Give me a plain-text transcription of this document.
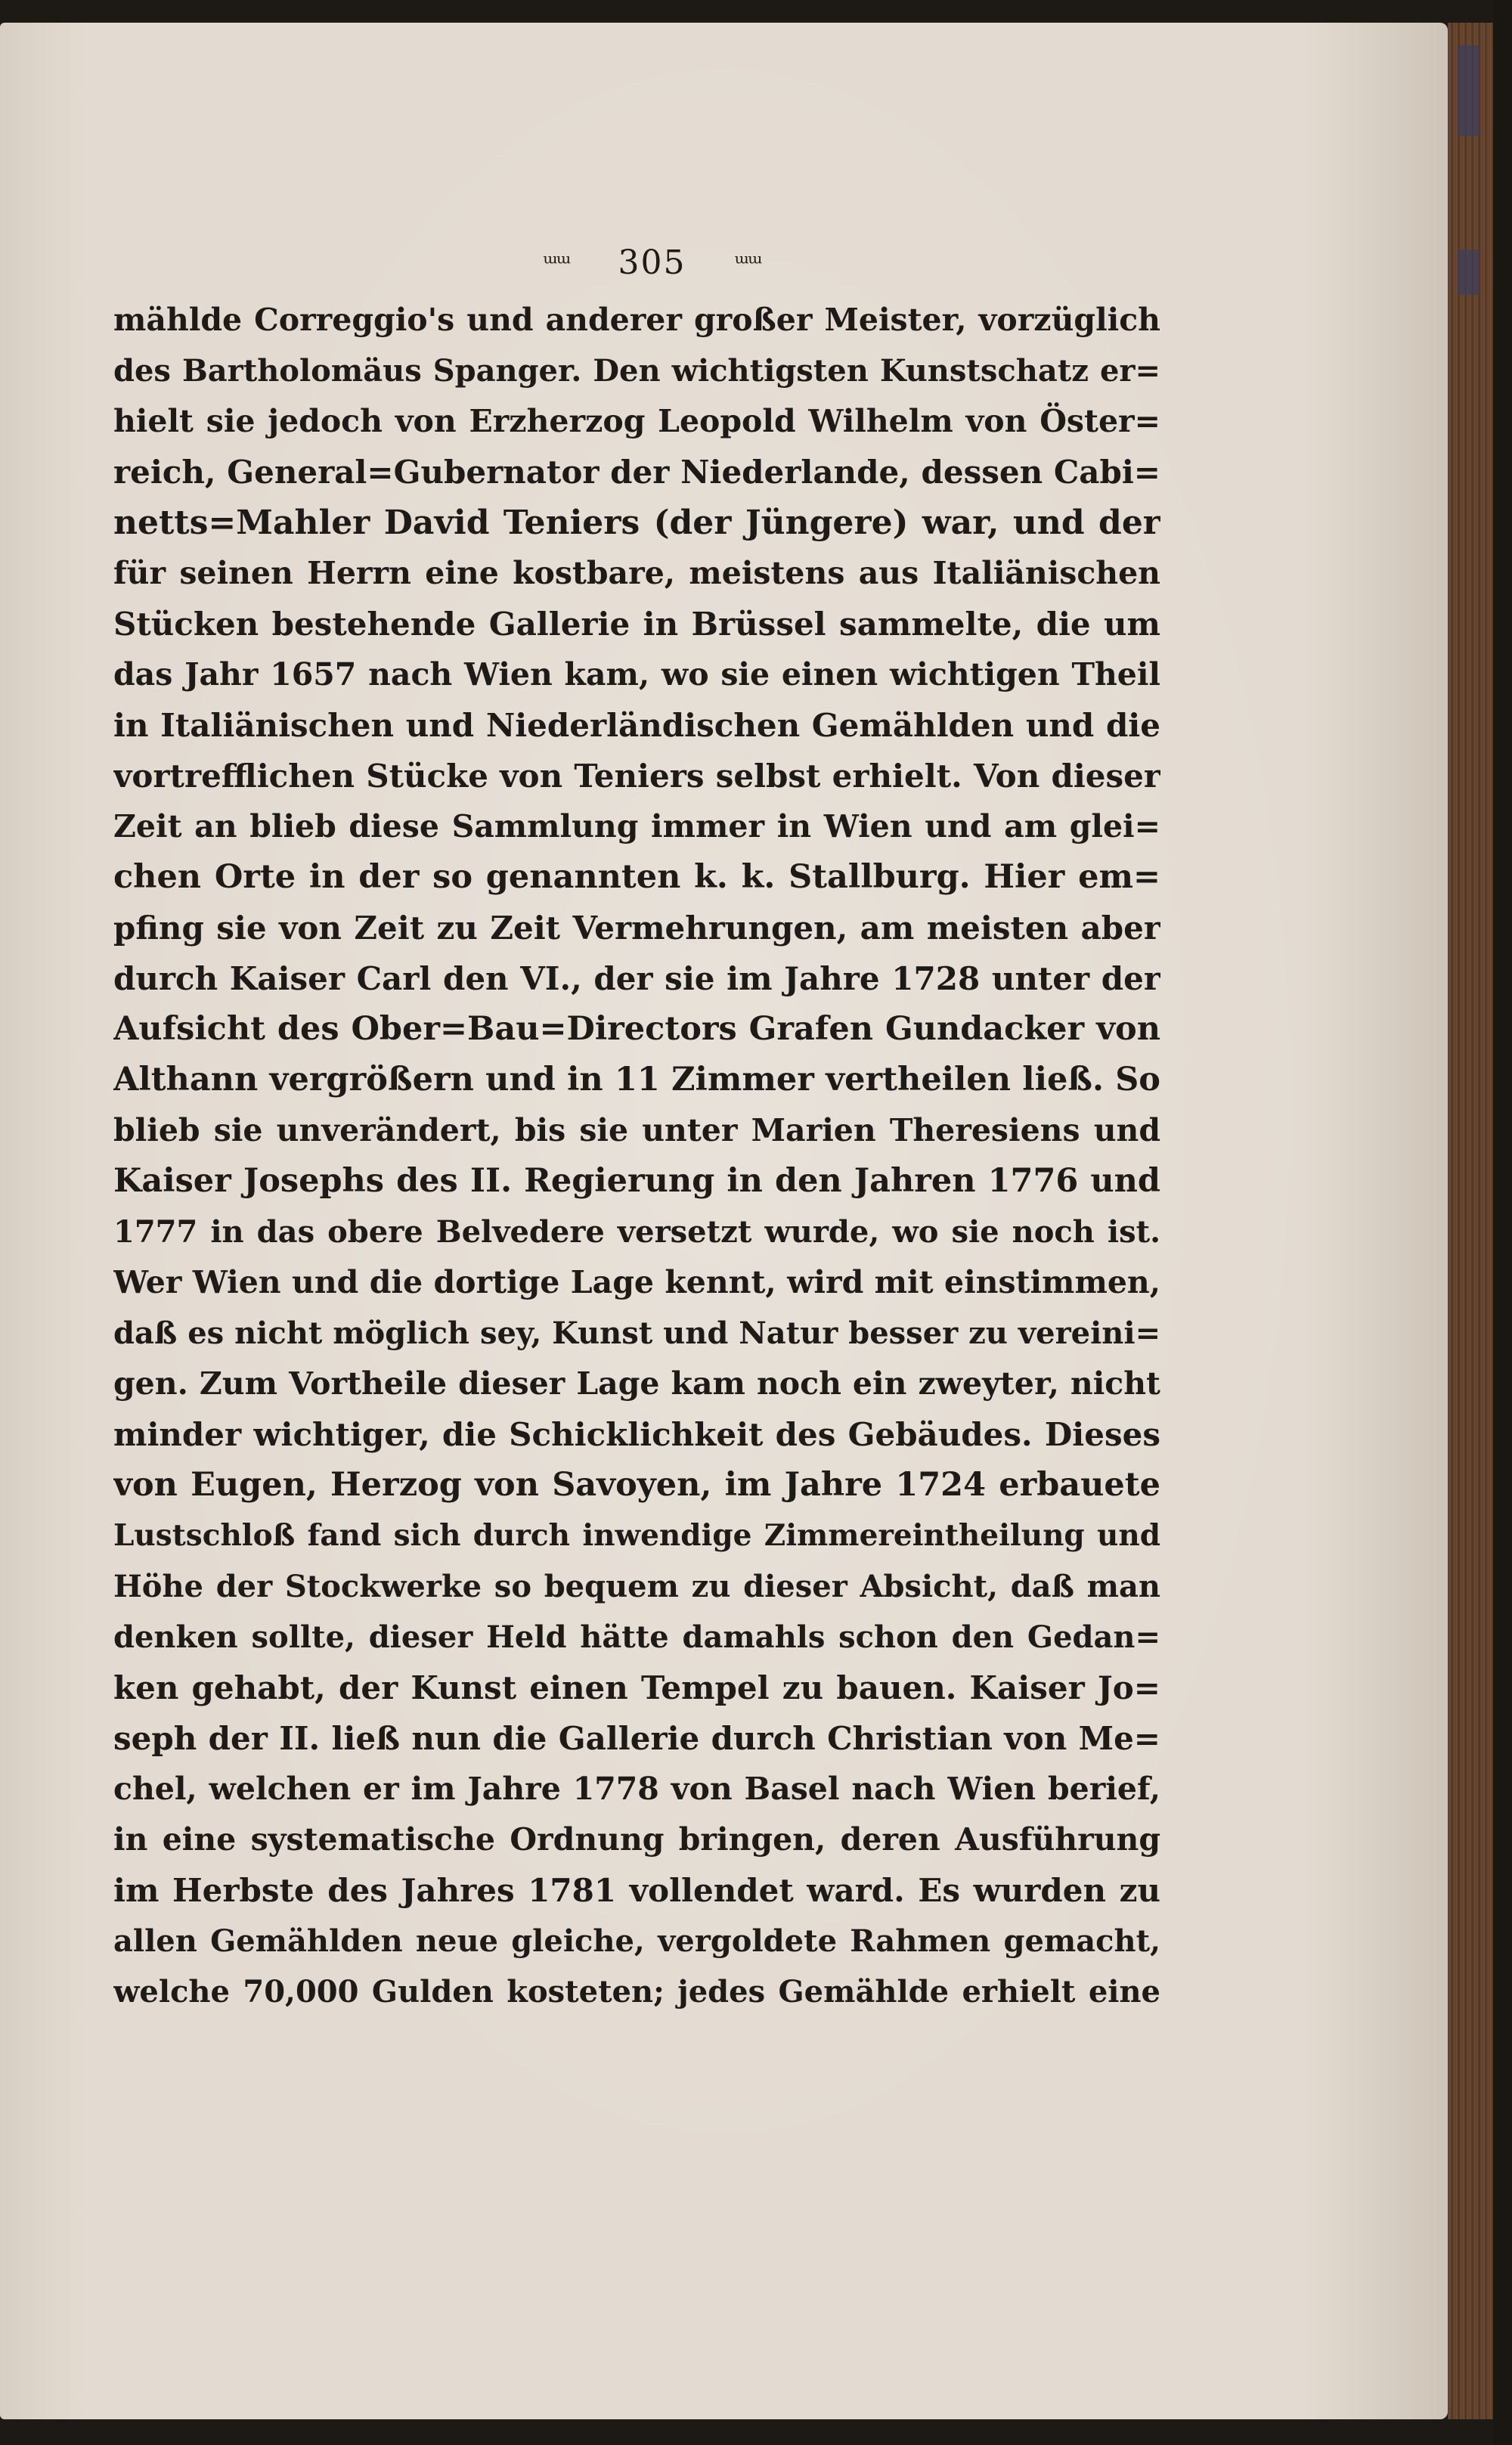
ᵚᵚ 305 ᵚᵚ
mählde Correggio's und anderer großer Meister, vorzüglich
des Bartholomäus Spanger. Den wichtigsten Kunstschatz er=
hielt sie jedoch von Erzherzog Leopold Wilhelm von Öster=
reich, General=Gubernator der Niederlande, dessen Cabi=
netts=Mahler David Teniers (der Jüngere) war, und der
für seinen Herrn eine kostbare, meistens aus Italiänischen
Stücken bestehende Gallerie in Brüssel sammelte, die um
das Jahr 1657 nach Wien kam, wo sie einen wichtigen Theil
in Italiänischen und Niederländischen Gemählden und die
vortrefflichen Stücke von Teniers selbst erhielt. Von dieser
Zeit an blieb diese Sammlung immer in Wien und am glei=
chen Orte in der so genannten k. k. Stallburg. Hier em=
pfing sie von Zeit zu Zeit Vermehrungen, am meisten aber
durch Kaiser Carl den VI., der sie im Jahre 1728 unter der
Aufsicht des Ober=Bau=Directors Grafen Gundacker von
Althann vergrößern und in 11 Zimmer vertheilen ließ. So
blieb sie unverändert, bis sie unter Marien Theresiens und
Kaiser Josephs des II. Regierung in den Jahren 1776 und
1777 in das obere Belvedere versetzt wurde, wo sie noch ist.
Wer Wien und die dortige Lage kennt, wird mit einstimmen,
daß es nicht möglich sey, Kunst und Natur besser zu vereini=
gen. Zum Vortheile dieser Lage kam noch ein zweyter, nicht
minder wichtiger, die Schicklichkeit des Gebäudes. Dieses
von Eugen, Herzog von Savoyen, im Jahre 1724 erbauete
Lustschloß fand sich durch inwendige Zimmereintheilung und
Höhe der Stockwerke so bequem zu dieser Absicht, daß man
denken sollte, dieser Held hätte damahls schon den Gedan=
ken gehabt, der Kunst einen Tempel zu bauen. Kaiser Jo=
seph der II. ließ nun die Gallerie durch Christian von Me=
chel, welchen er im Jahre 1778 von Basel nach Wien berief,
in eine systematische Ordnung bringen, deren Ausführung
im Herbste des Jahres 1781 vollendet ward. Es wurden zu
allen Gemählden neue gleiche, vergoldete Rahmen gemacht,
welche 70,000 Gulden kosteten; jedes Gemählde erhielt eine
